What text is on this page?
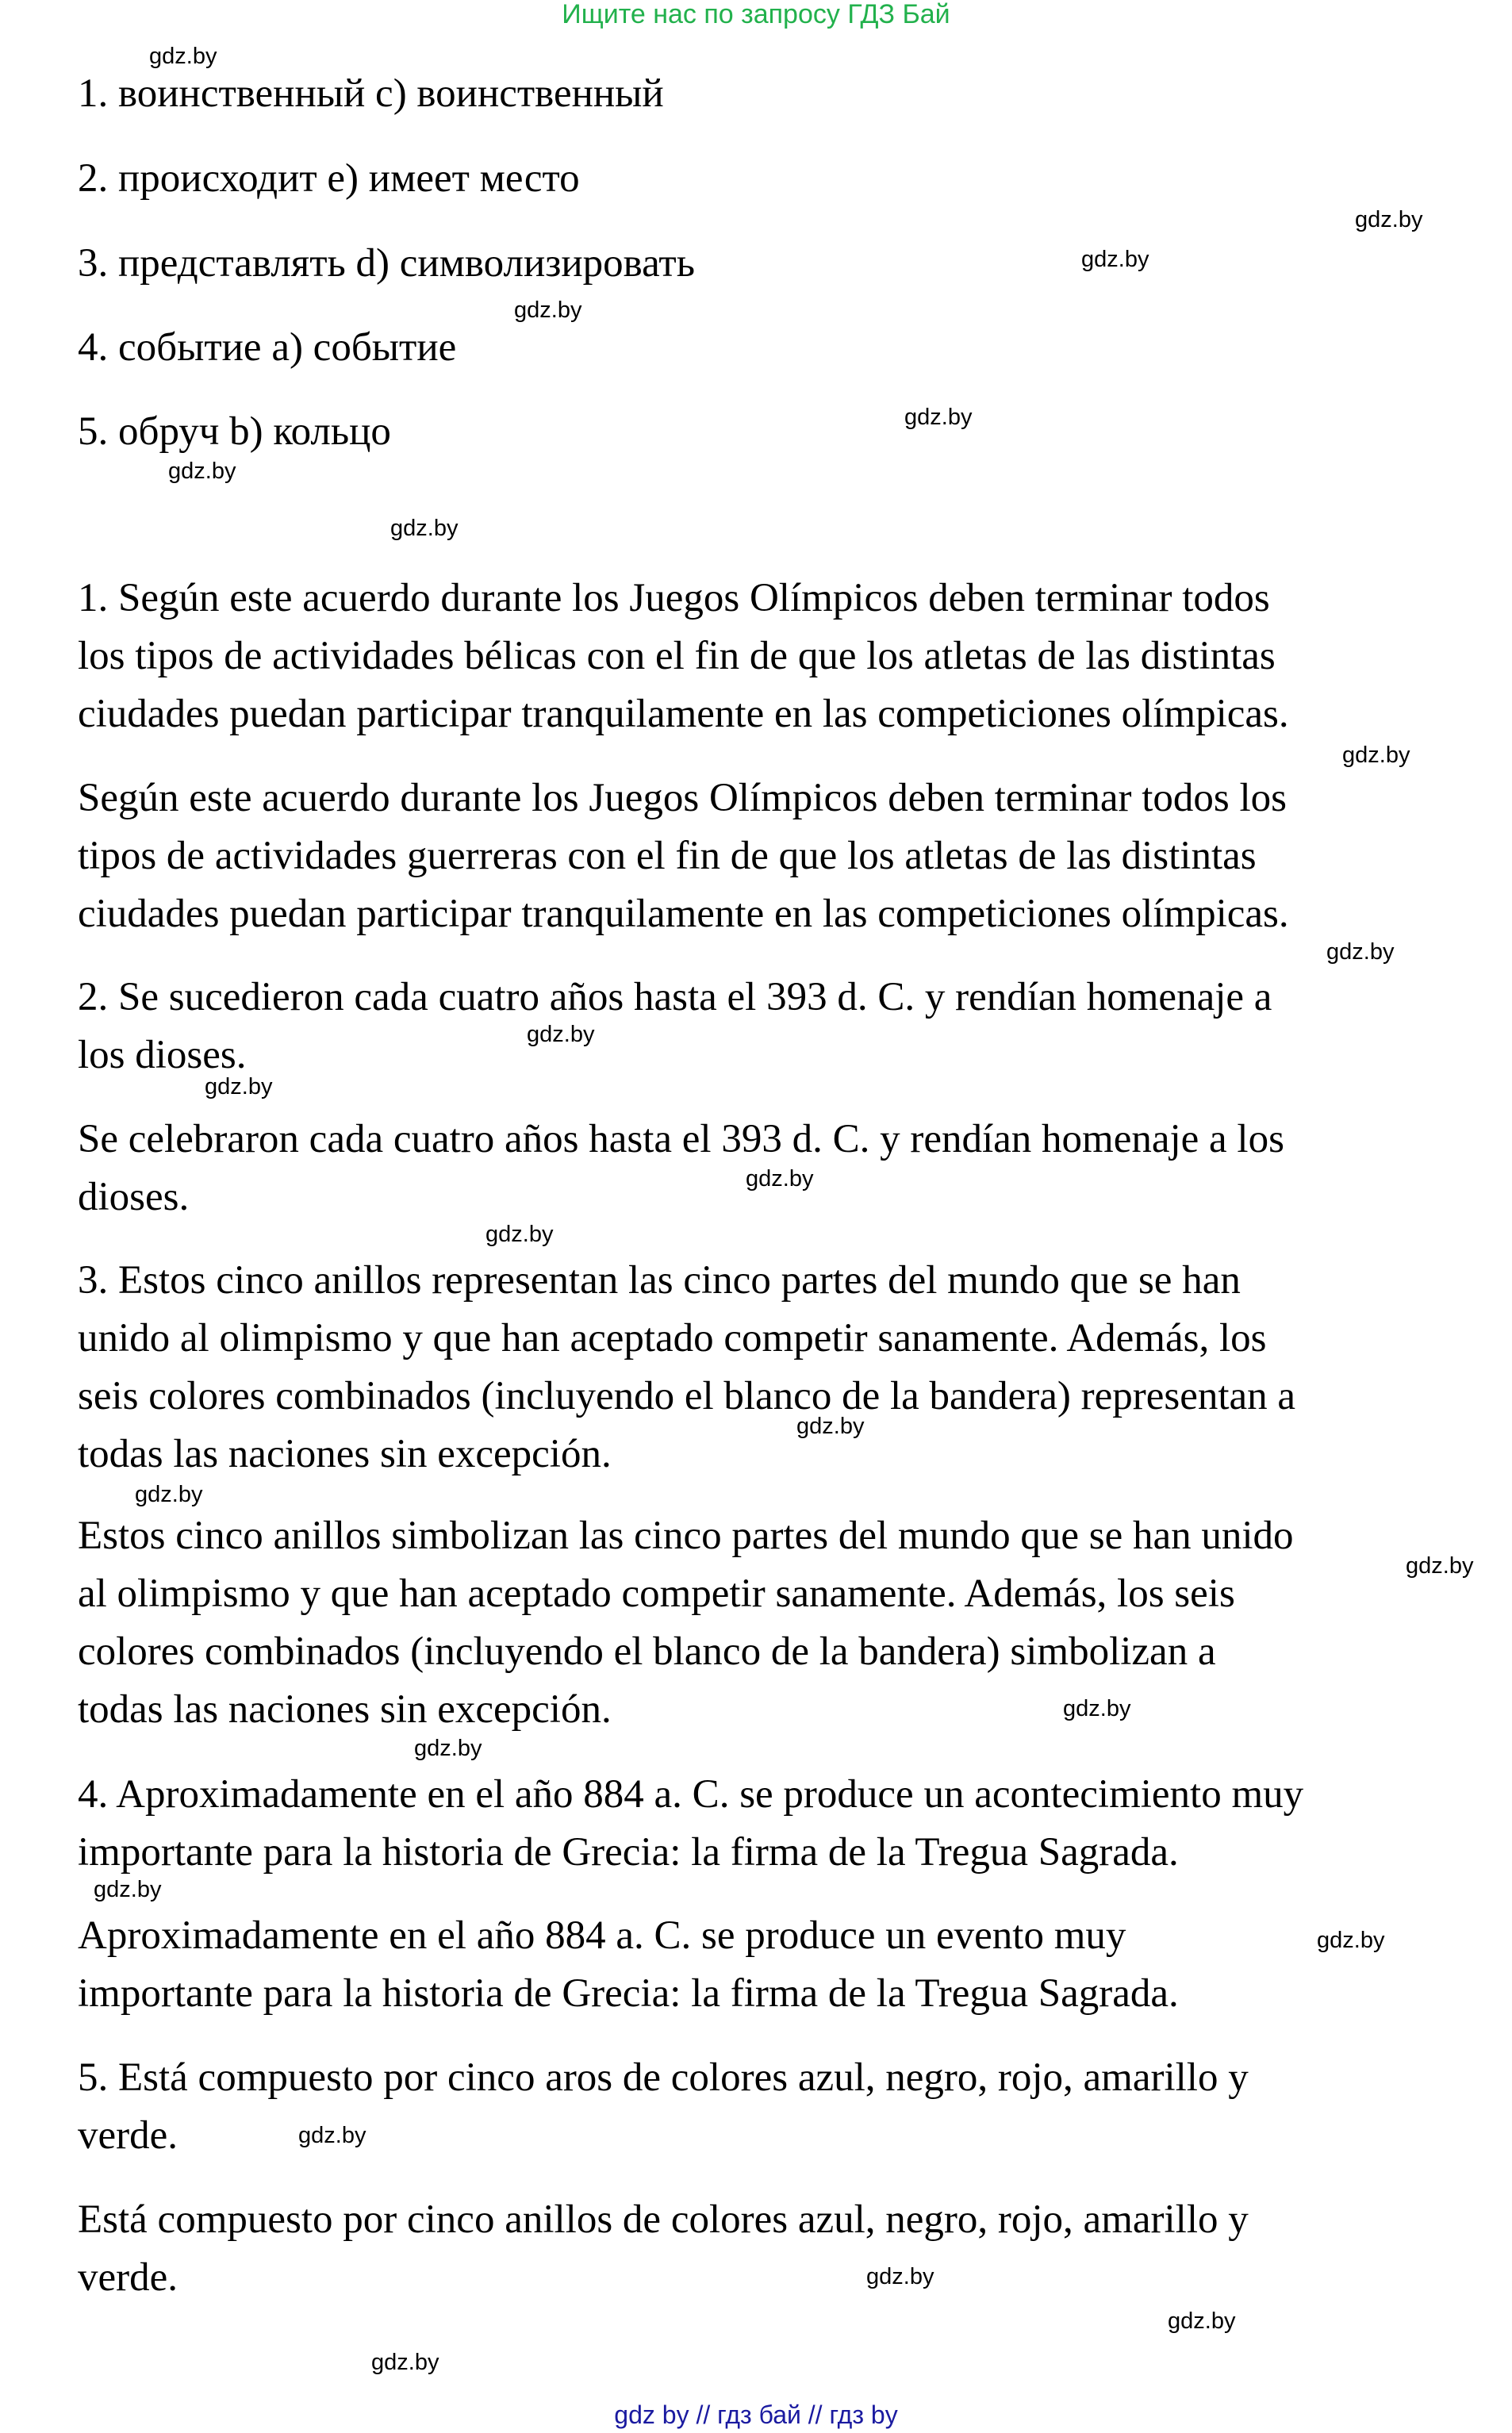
Ищите нас по запросу ГДЗ Бай
1. воинственный c) воинственный
2. происходит e) имеет место
3. представлять d) символизировать
4. событие a) событие
5. обруч b) кольцо
1. Según este acuerdo durante los Juegos Olímpicos deben terminar todos
los tipos de actividades bélicas con el fin de que los atletas de las distintas
ciudades puedan participar tranquilamente en las competiciones olímpicas.
Según este acuerdo durante los Juegos Olímpicos deben terminar todos los
tipos de actividades guerreras con el fin de que los atletas de las distintas
ciudades puedan participar tranquilamente en las competiciones olímpicas.
2. Se sucedieron cada cuatro años hasta el 393 d. C. y rendían homenaje a
los dioses.
Se celebraron cada cuatro años hasta el 393 d. C. y rendían homenaje a los
dioses.
3. Estos cinco anillos representan las cinco partes del mundo que se han
unido al olimpismo y que han aceptado competir sanamente. Además, los
seis colores combinados (incluyendo el blanco de la bandera) representan a
todas las naciones sin excepción.
Estos cinco anillos simbolizan las cinco partes del mundo que se han unido
al olimpismo y que han aceptado competir sanamente. Además, los seis
colores combinados (incluyendo el blanco de la bandera) simbolizan a
todas las naciones sin excepción.
4. Aproximadamente en el año 884 a. C. se produce un acontecimiento muy
importante para la historia de Grecia: la firma de la Tregua Sagrada.
Aproximadamente en el año 884 a. C. se produce un evento muy
importante para la historia de Grecia: la firma de la Tregua Sagrada.
5. Está compuesto por cinco aros de colores azul, negro, rojo, amarillo y
verde.
Está compuesto por cinco anillos de colores azul, negro, rojo, amarillo y
verde.
gdz.by
gdz.by
gdz.by
gdz.by
gdz.by
gdz.by
gdz.by
gdz.by
gdz.by
gdz.by
gdz.by
gdz.by
gdz.by
gdz.by
gdz.by
gdz.by
gdz.by
gdz.by
gdz.by
gdz.by
gdz.by
gdz.by
gdz.by
gdz.by
gdz by // гдз бай // гдз by
